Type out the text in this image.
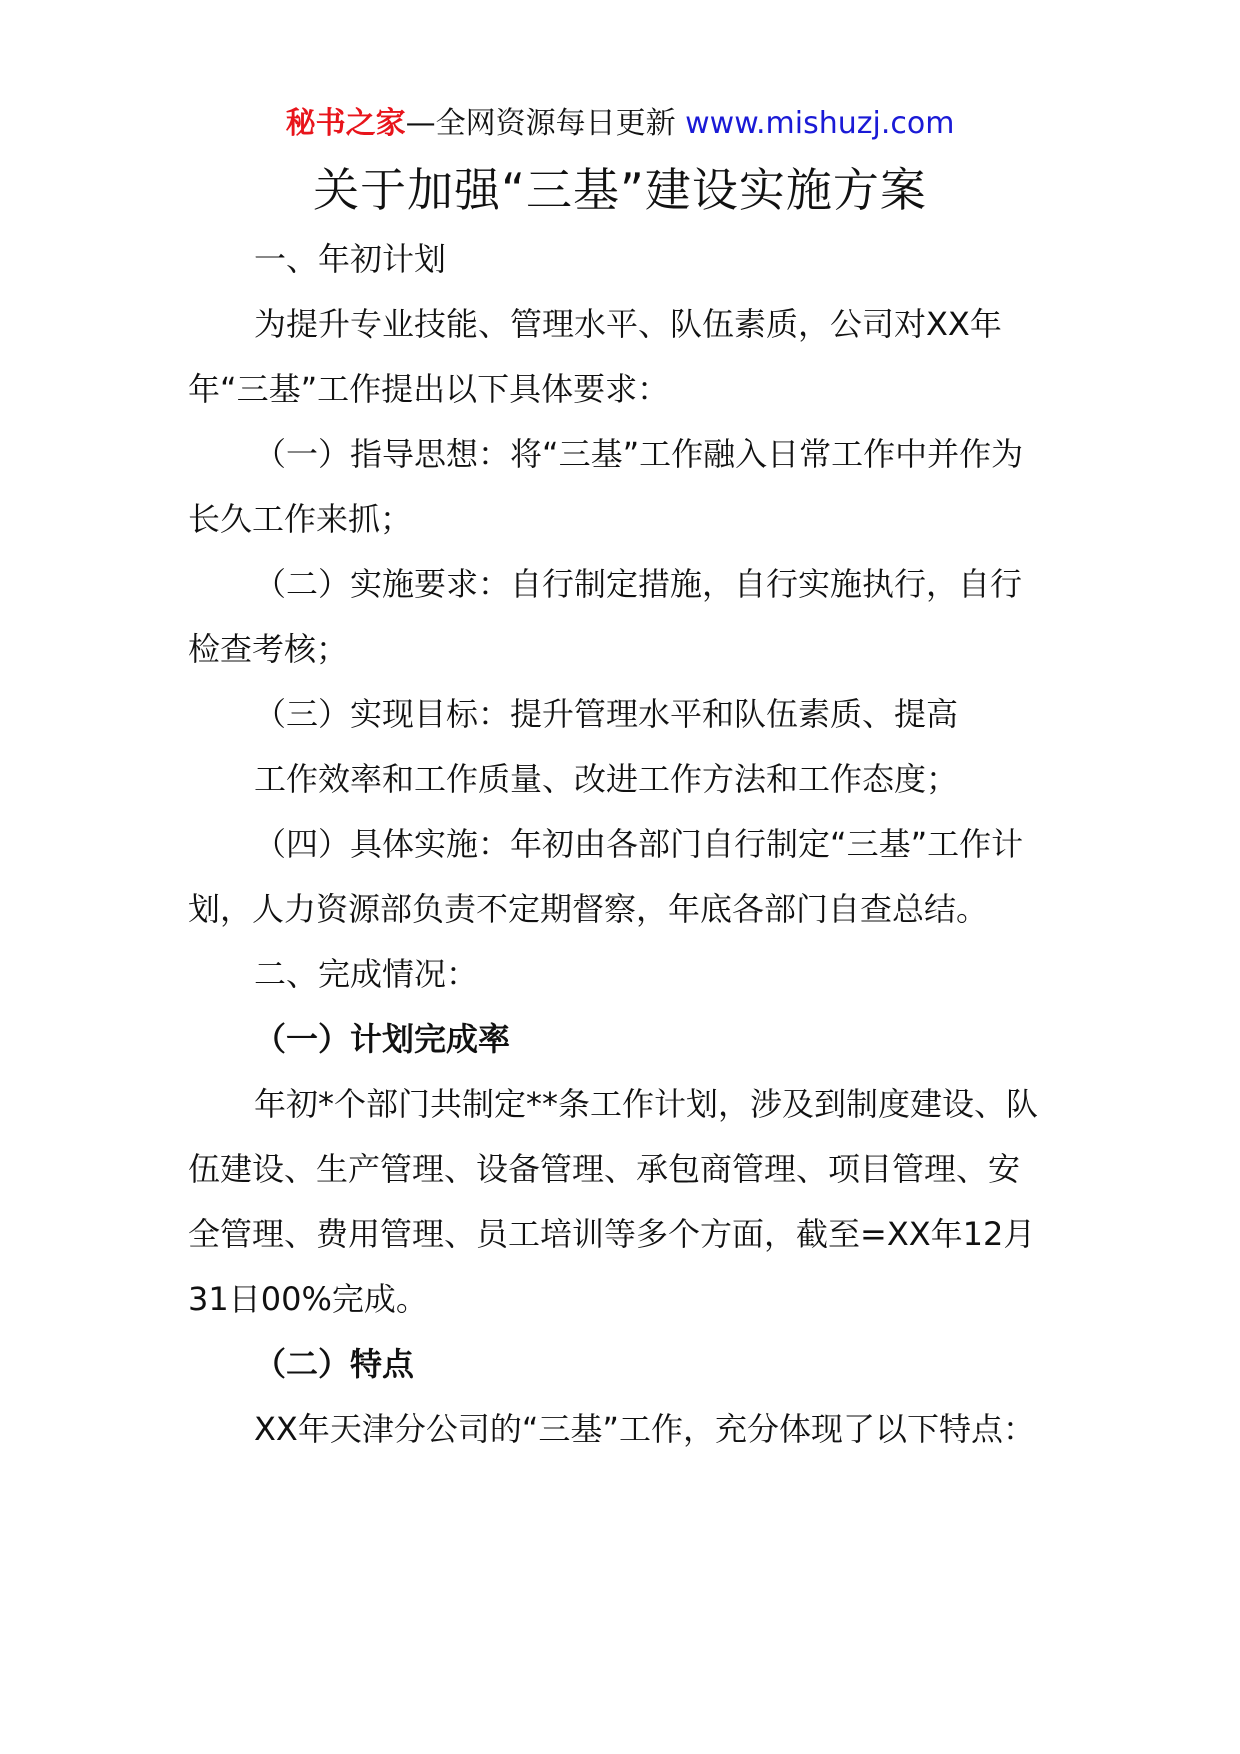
秘书之家—全网资源每日更新 www.mishuzj.com
关于加强“三基”建设实施方案

一、年初计划

为提升专业技能、管理水平、队伍素质，公司对XX年年“三基”工作提出以下具体要求：

（一）指导思想：将“三基”工作融入日常工作中并作为长久工作来抓；

（二）实施要求：自行制定措施，自行实施执行，自行检查考核；

（三）实现目标：提升管理水平和队伍素质、提高

工作效率和工作质量、改进工作方法和工作态度；

（四）具体实施：年初由各部门自行制定“三基”工作计划，人力资源部负责不定期督察，年底各部门自查总结。

二、完成情况：

（一）计划完成率

年初*个部门共制定**条工作计划，涉及到制度建设、队伍建设、生产管理、设备管理、承包商管理、项目管理、安全管理、费用管理、员工培训等多个方面，截至=XX年12月31日00%完成。

（二）特点

XX年天津分公司的“三基”工作，充分体现了以下特点：
